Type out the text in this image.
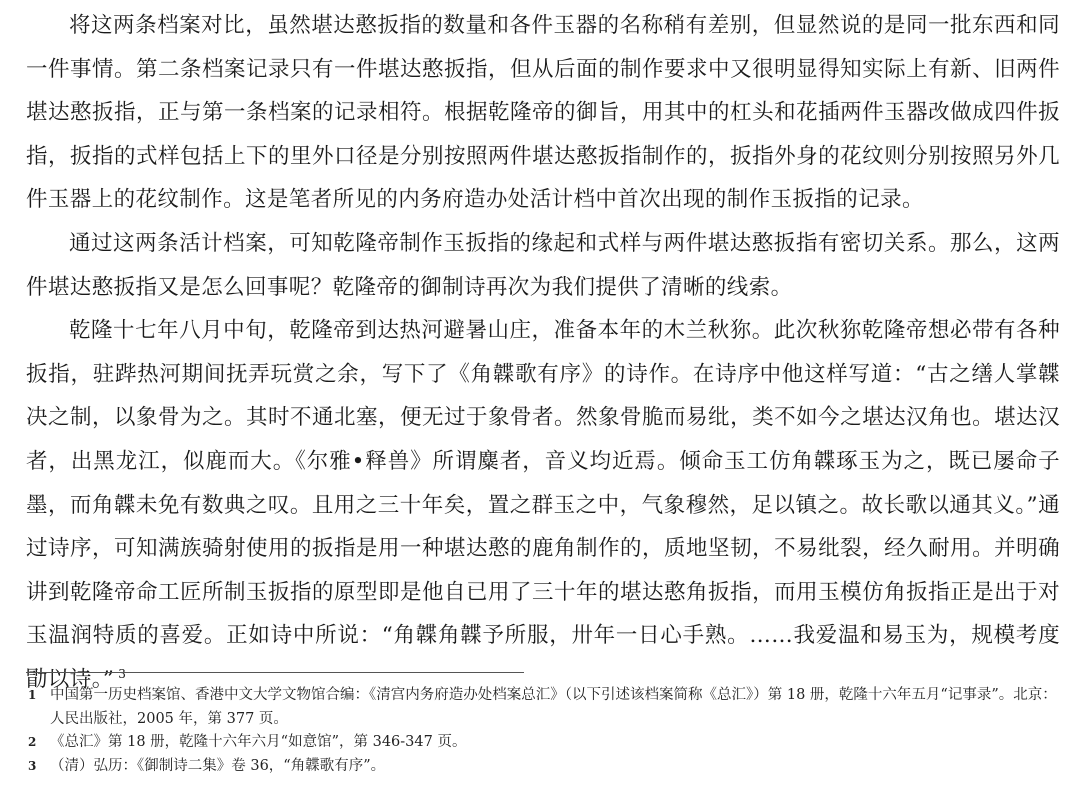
将这两条档案对比，虽然堪达憨扳指的数量和各件玉器的名称稍有差别，但显然说的是同一批东西和同一件事情。第二条档案记录只有一件堪达憨扳指，但从后面的制作要求中又很明显得知实际上有新、旧两件堪达憨扳指，正与第一条档案的记录相符。根据乾隆帝的御旨，用其中的杠头和花插两件玉器改做成四件扳指，扳指的式样包括上下的里外口径是分别按照两件堪达憨扳指制作的，扳指外身的花纹则分别按照另外几件玉器上的花纹制作。这是笔者所见的内务府造办处活计档中首次出现的制作玉扳指的记录。

通过这两条活计档案，可知乾隆帝制作玉扳指的缘起和式样与两件堪达憨扳指有密切关系。那么，这两件堪达憨扳指又是怎么回事呢？乾隆帝的御制诗再次为我们提供了清晰的线索。

乾隆十七年八月中旬，乾隆帝到达热河避暑山庄，准备本年的木兰秋狝。此次秋狝乾隆帝想必带有各种扳指，驻跸热河期间抚弄玩赏之余，写下了《角韘歌有序》的诗作。在诗序中他这样写道：“古之缮人掌韘决之制，以象骨为之。其时不通北塞，便无过于象骨者。然象骨脆而易纰，类不如今之堪达汉角也。堪达汉者，出黑龙江，似鹿而大。《尔雅•释兽》所谓麋者，音义均近焉。倾命玉工仿角韘琢玉为之，既已屡命子墨，而角韘未免有数典之叹。且用之三十年矣，置之群玉之中，气象穆然，足以镇之。故长歌以通其义。”通过诗序，可知满族骑射使用的扳指是用一种堪达憨的鹿角制作的，质地坚韧，不易纰裂，经久耐用。并明确讲到乾隆帝命工匠所制玉扳指的原型即是他自已用了三十年的堪达憨角扳指，而用玉模仿角扳指正是出于对玉温润特质的喜爱。正如诗中所说：“角韘角韘予所服，卅年一日心手熟。……我爱温和易玉为，规模考度勖以诗。” $^3$

1 中国第一历史档案馆、香港中文大学文物馆合编：《清宫内务府造办处档案总汇》（以下引述该档案简称《总汇》）第 18 册，乾隆十六年五月“记事录”。北京：人民出版社，2005 年，第 377 页。
2 《总汇》第 18 册，乾隆十六年六月“如意馆”，第 346-347 页。
3 （清）弘历：《御制诗二集》卷 36，“角韘歌有序”。
